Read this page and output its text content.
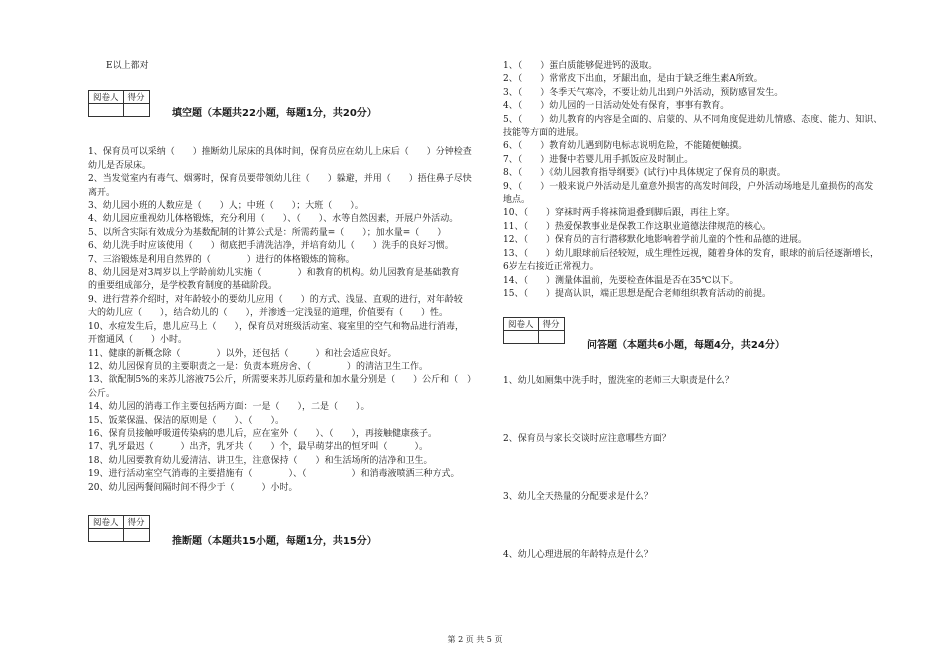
E以上都对

阅卷人	得分

填空题（本题共22小题，每题1分，共20分）

1、保育员可以采纳（　　）推断幼儿尿床的具体时间，保育员应在幼儿上床后（　　）分钟检查

幼儿是否尿床。

2、当发觉室内有毒气、烟雾时，保育员要带领幼儿往（　　）躲避，并用（　　）捂住鼻子尽快

离开。

3、幼儿园小班的人数应是（　　）人；中班（　　）；大班（　　）。

4、幼儿园应重视幼儿体格锻炼，充分利用（　　）、（　　）、水等自然因素，开展户外活动。

5、以所含实际有效成分为基数配制的计算公式是：所需药量=（　　）；加水量=（　　）

6、幼儿洗手时应该使用（　　）彻底把手清洗洁净，并培育幼儿（　　）洗手的良好习惯。

7、三浴锻炼是利用自然界的（　　　　）进行的体格锻炼的简称。

8、幼儿园是对3周岁以上学龄前幼儿实施（　　　　）和教育的机构。幼儿园教育是基础教育

的重要组成部分，是学校教育制度的基础阶段。

9、进行营养介绍时，对年龄较小的要幼儿应用（　　）的方式、浅显、直观的进行，对年龄较

大的幼儿应（　　），结合幼儿的（　　），并渗透一定浅显的道理，价值要有（　　）性。

10、水痘发生后，患儿应马上（　　），保育员对班级活动室、寝室里的空气和物品进行消毒，

开窗通风（　　）小时。

11、健康的新概念除（　　　　）以外，还包括（　　　）和社会适应良好。

12、幼儿园保育员的主要职责之一是：负责本班房舍、（　　　　）的清洁卫生工作。

13、欲配制5%的来苏儿溶液75公斤，所需要来苏儿原药量和加水量分别是（　　）公斤和（　）

公斤。

14、幼儿园的消毒工作主要包括两方面：一是（　　），二是（　　）。

15、饭菜保温、保洁的原则是（　　）、（　　）。

16、保育员接触呼吸道传染病的患儿后，应在室外（　　）、（　　），再接触健康孩子。

17、乳牙最迟（　　　）出齐，乳牙共（　　）个，最早萌芽出的恒牙叫（　　　）。

18、幼儿园要教育幼儿爱清洁、讲卫生，注意保持（　　）和生活场所的洁净和卫生。

19、进行活动室空气消毒的主要措施有（　　　　）、（　　　　　）和消毒液喷洒三种方式。

20、幼儿园两餐间隔时间不得少于（　　　）小时。

阅卷人	得分

推断题（本题共15小题，每题1分，共15分）

1、（　　）蛋白质能够促进钙的汲取。

2、（　　）常常皮下出血，牙龈出血，是由于缺乏维生素A所致。

3、（　　）冬季天气寒冷，不要让幼儿出到户外活动，预防感冒发生。

4、（　　）幼儿园的一日活动处处有保育，事事有教育。

5、（　　）幼儿教育的内容是全面的、启蒙的、从不同角度促进幼儿情感、态度、能力、知识、

技能等方面的进展。

6、（　　）教育幼儿遇到防电标志说明危险，不能随便触摸。

7、（　　）进餐中若婴儿用手抓饭应及时制止。

8、（　　）《幼儿园教育指导纲要》(试行)中具体规定了保育员的职责。

9、（　　）一般来说户外活动是儿童意外损害的高发时间段，户外活动场地是儿童损伤的高发

地点。

10、（　　）穿袜时两手将袜筒退叠到脚后跟，再往上穿。

11、（　　）热爱保教事业是保教工作这职业道德法律规范的核心。

12、（　　）保育员的言行潜移默化地影响着学前儿童的个性和品德的进展。

13、（　　）幼儿眼球前后径较短，成生理性远视，随着身体的发育，眼球的前后径逐渐增长，

6岁左右接近正常视力。

14、（　　）测量体温前，先要检查体温是否在35℃以下。

15、（　　）提高认识，端正思想是配合老师组织教育活动的前提。

阅卷人	得分

问答题（本题共6小题，每题4分，共24分）

1、幼儿如厕集中洗手时，盥洗室的老师三大职责是什么？

2、保育员与家长交谈时应注意哪些方面？

3、幼儿全天热量的分配要求是什么？

4、幼儿心理进展的年龄特点是什么？

第 2 页 共 5 页
